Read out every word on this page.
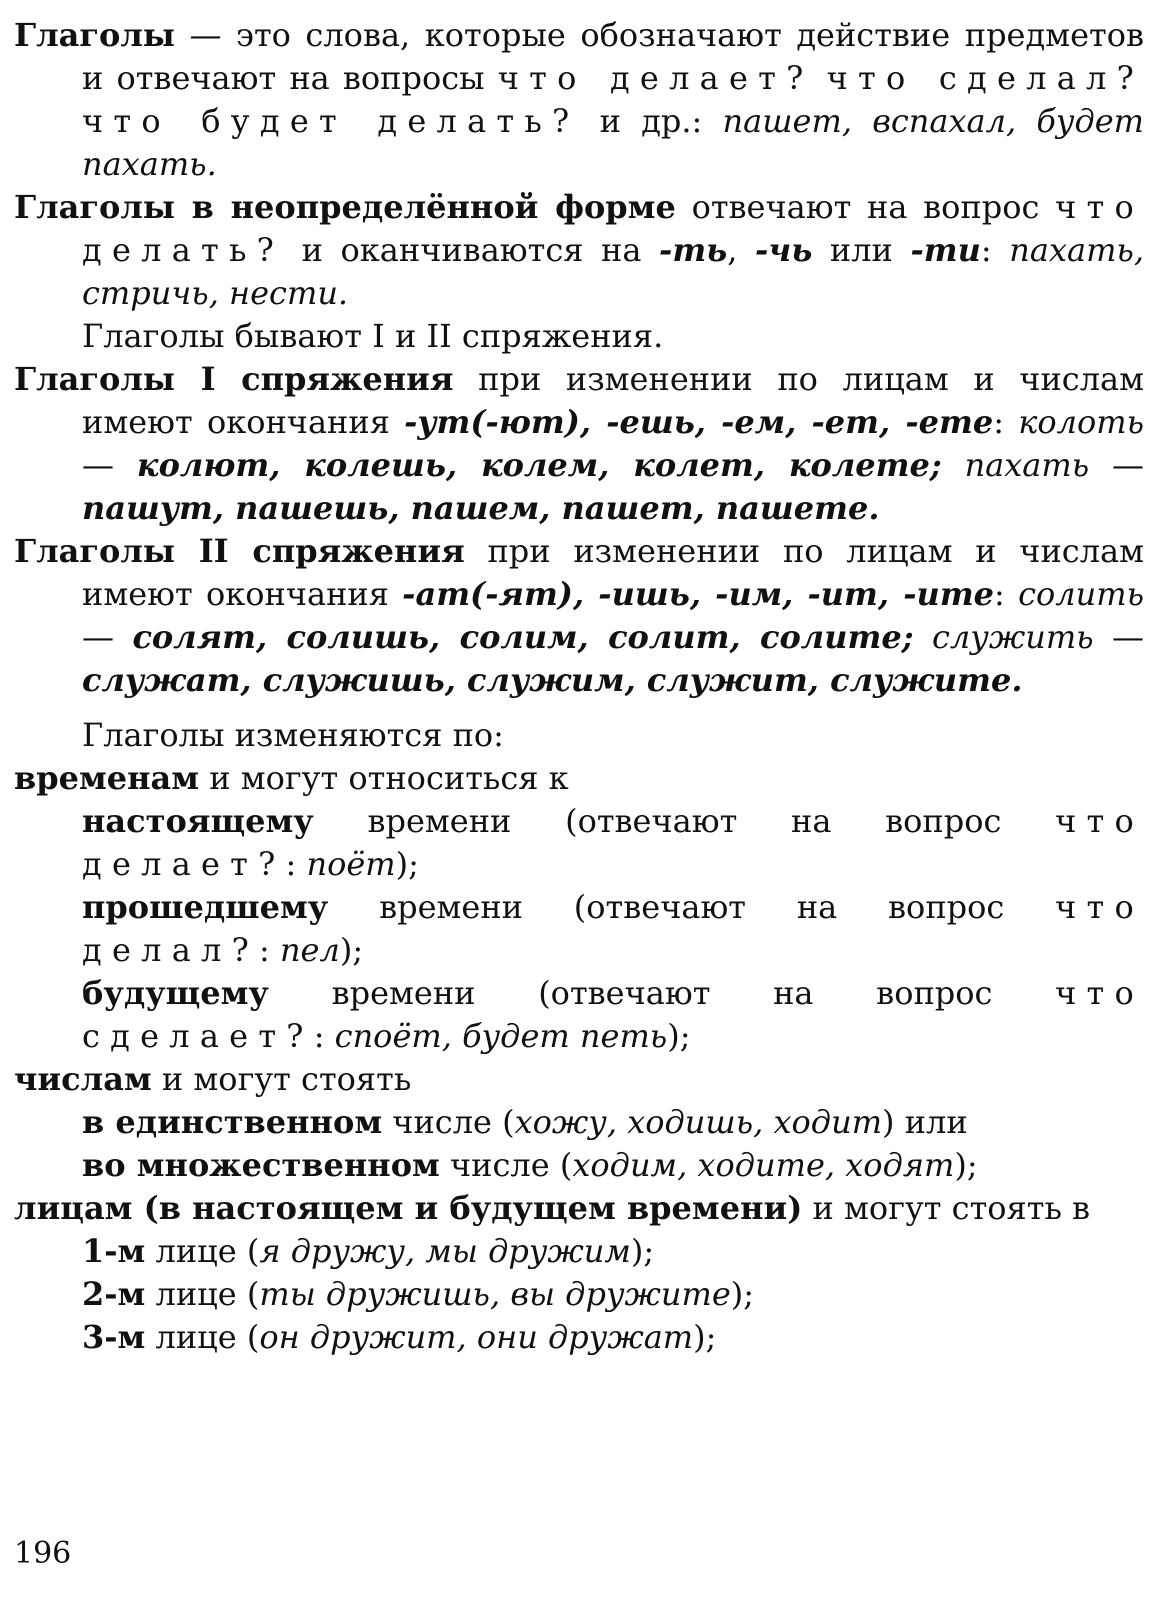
Глаголы — это слова, которые обозначают действие предметов и отвечают на вопросы что делает? что сделал? что будет делать? и др.: пашет, вспахал, будет пахать.

Глаголы в неопределённой форме отвечают на вопрос что делать? и оканчиваются на -ть, -чь или -ти: пахать, стричь, нести.

Глаголы бывают I и II спряжения.

Глаголы I спряжения при изменении по лицам и числам имеют окончания -ут(-ют), -ешь, -ем, -ет, -ете: колоть — колют, колешь, колем, колет, колете; пахать — пашут, пашешь, пашем, пашет, пашете.

Глаголы II спряжения при изменении по лицам и числам имеют окончания -ат(-ят), -ишь, -им, -ит, -ите: солить — солят, солишь, солим, солит, солите; служить — служат, служишь, служим, служит, служите.

Глаголы изменяются по:

временам и могут относиться к

настоящему времени (отвечают на вопрос что делает?: поёт);

прошедшему времени (отвечают на вопрос что делал?: пел);

будущему времени (отвечают на вопрос что сделает?: споёт, будет петь);

числам и могут стоять

в единственном числе (хожу, ходишь, ходит) или

во множественном числе (ходим, ходите, ходят);

лицам (в настоящем и будущем времени) и могут стоять в

1-м лице (я дружу, мы дружим);

2-м лице (ты дружишь, вы дружите);

3-м лице (он дружит, они дружат);

196
